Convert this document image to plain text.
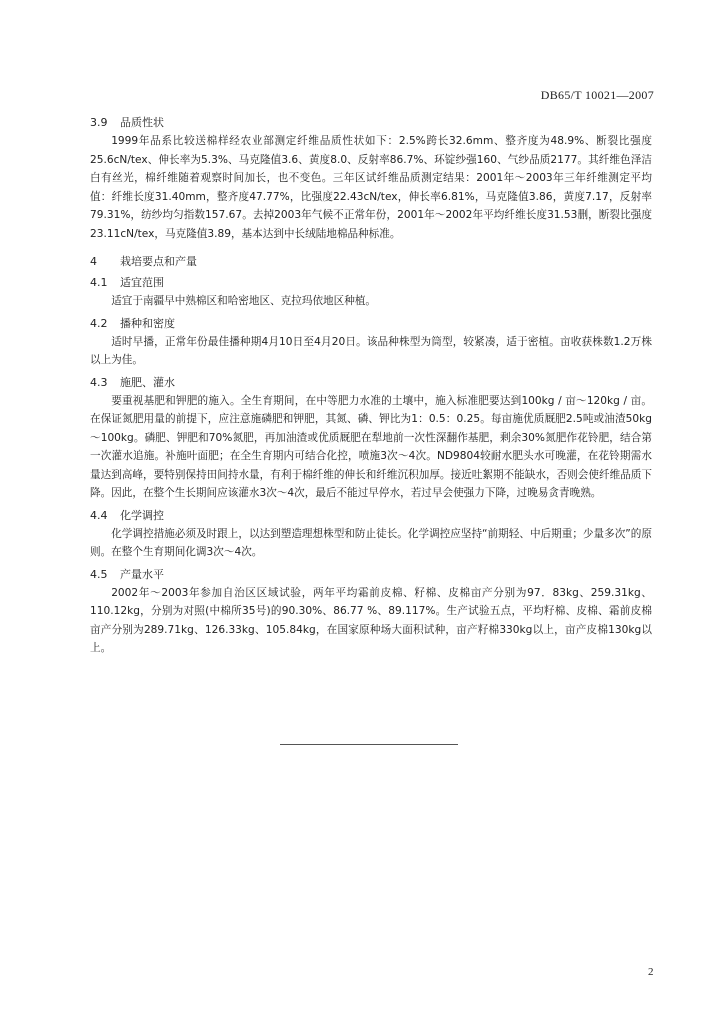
DB65/T 10021—2007
3.9 品质性状

1999年品系比较送棉样经农业部测定纤维品质性状如下：2.5%跨长32.6mm、整齐度为48.9%、断裂比强度25.6cN/tex、伸长率为5.3%、马克隆值3.6、黄度8.0、反射率86.7%、环锭纱强160、气纱品质2177。其纤维色泽洁白有丝光，棉纤维随着观察时间加长，也不变色。三年区试纤维品质测定结果：2001年～2003年三年纤维测定平均值：纤维长度31.40mm，整齐度47.77%，比强度22.43cN/tex，伸长率6.81%，马克隆值3.86，黄度7.17，反射率79.31%，纺纱均匀指数157.67。去掉2003年气候不正常年份，2001年～2002年平均纤维长度31.53删，断裂比强度23.11cN/tex，马克隆值3.89，基本达到中长绒陆地棉品种标准。

4 栽培要点和产量
4.1 适宜范围

适宜于南疆早中熟棉区和哈密地区、克拉玛依地区种植。

4.2 播种和密度

适时早播，正常年份最佳播种期4月10日至4月20日。该品种株型为筒型，较紧凑，适于密植。亩收获株数1.2万株以上为佳。

4.3 施肥、灌水

要重视基肥和钾肥的施入。全生育期间，在中等肥力水准的土壤中，施入标准肥要达到100kg / 亩～120kg / 亩。在保证氮肥用量的前提下，应注意施磷肥和钾肥，其氮、磷、钾比为1：0.5：0.25。每亩施优质厩肥2.5吨或油渣50kg～100kg。磷肥、钾肥和70%氮肥，再加油渣或优质厩肥在犁地前一次性深翻作基肥，剩余30%氮肥作花铃肥，结合第一次灌水追施。补施叶面肥；在全生育期内可结合化控，喷施3次～4次。ND9804较耐水肥头水可晚灌，在花铃期需水量达到高峰，要特别保持田间持水量，有利于棉纤维的伸长和纤维沉积加厚。接近吐絮期不能缺水，否则会使纤维品质下降。因此，在整个生长期间应该灌水3次～4次，最后不能过早停水，若过早会使强力下降，过晚易贪青晚熟。

4.4 化学调控

化学调控措施必须及时跟上，以达到塑造理想株型和防止徒长。化学调控应坚持“前期轻、中后期重；少量多次”的原则。在整个生育期间化调3次～4次。

4.5 产量水平

2002年～2003年参加自治区区域试验，两年平均霜前皮棉、籽棉、皮棉亩产分别为97．83kg、259.31kg、110.12kg，分别为对照(中棉所35号)的90.30%、86.77 %、89.117%。生产试验五点，平均籽棉、皮棉、霜前皮棉亩产分别为289.71kg、126.33kg、105.84kg，在国家原种场大面积试种，亩产籽棉330kg以上，亩产皮棉130kg以上。

2
